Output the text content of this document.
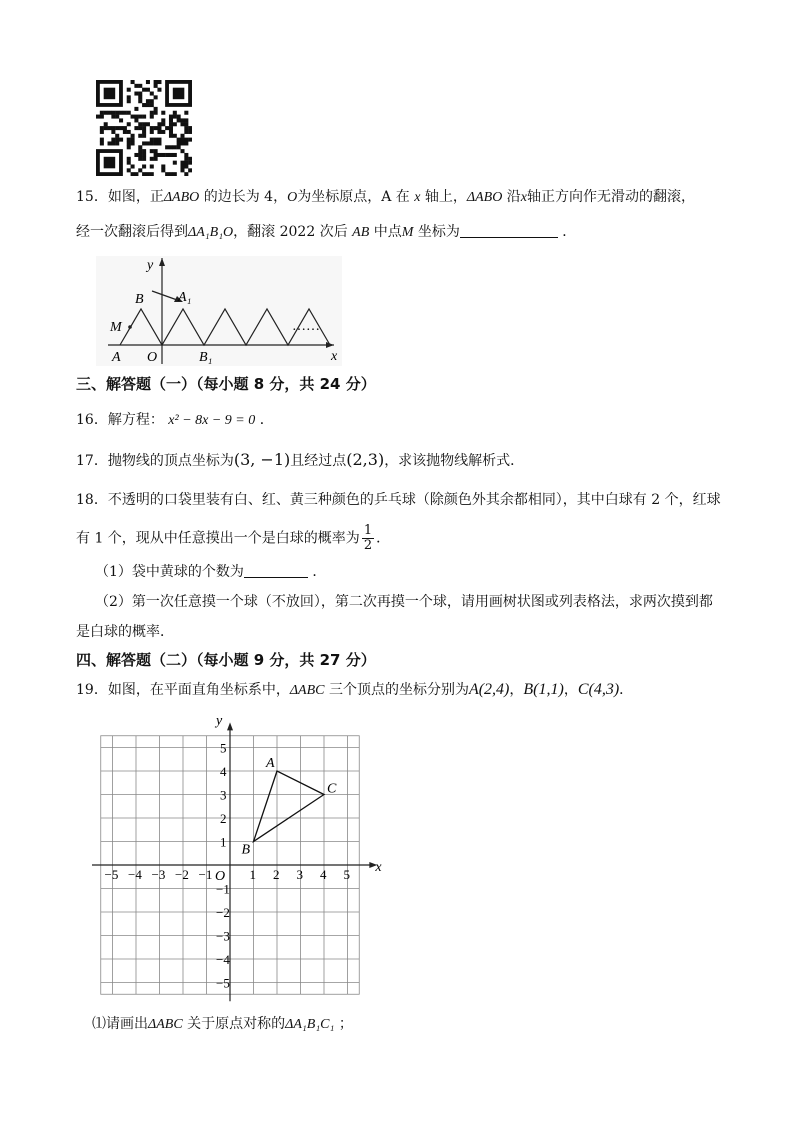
15．如图，正ΔABO 的边长为 4，O为坐标原点，A 在 x 轴上，ΔABO 沿x轴正方向作无滑动的翻滚，
经一次翻滚后得到ΔA₁B₁O，翻滚 2022 次后 AB 中点M 坐标为	．
y
x
B A₁
M
A O	B₁
……
三、解答题（一）（每小题 8 分，共 24 分）
16．解方程： x² − 8x − 9 = 0 ．
17．抛物线的顶点坐标为(3, −1)且经过点(2,3)，求该抛物线解析式．
18．不透明的口袋里装有白、红、黄三种颜色的乒乓球（除颜色外其余都相同），其中白球有 2 个，红球
有 1 个，现从中任意摸出一个是白球的概率为 $\frac{1}{2}$ ．
（1）袋中黄球的个数为	．
（2）第一次任意摸一个球（不放回），第二次再摸一个球，请用画树状图或列表格法，求两次摸到都
是白球的概率．
四、解答题（二）（每小题 9 分，共 27 分）
19．如图，在平面直角坐标系中，ΔABC 三个顶点的坐标分别为A(2,4)，B(1,1)，C(4,3)．
−5 −4 −3 −2 −1	1 2 3 4 5
5
4
3
2
1
−1
−2
−3
−4
−5
O
x
y
A
B
C
⑴请画出ΔABC 关于原点对称的ΔA₁B₁C₁ ；
